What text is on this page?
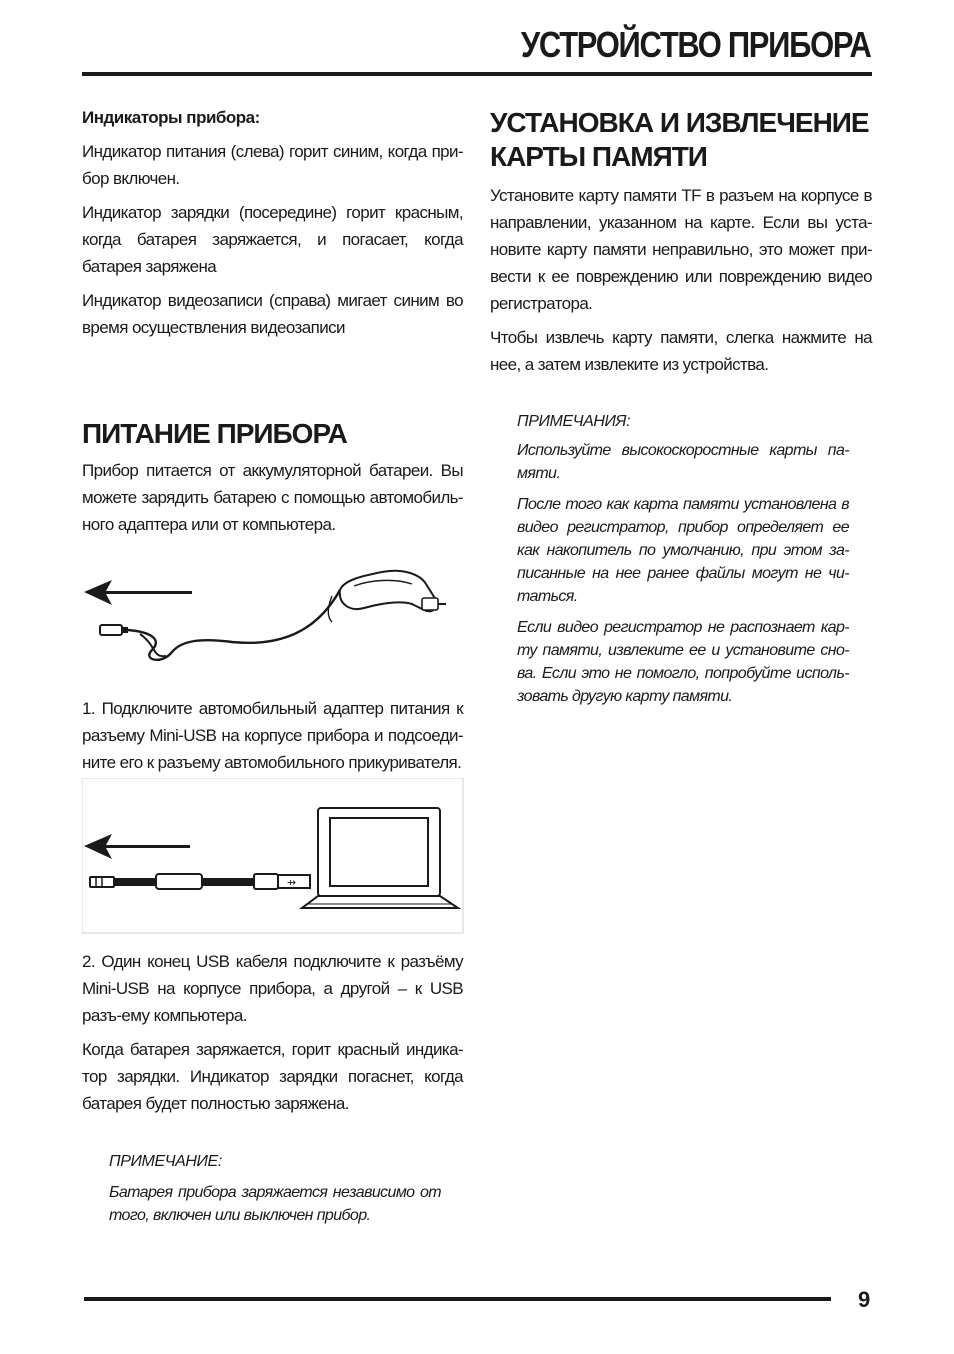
УСТРОЙСТВО ПРИБОРА

Индикаторы прибора:

Индикатор питания (слева) горит синим, когда при-бор включен.

Индикатор зарядки (посередине) горит красным, когда батарея заряжается, и погасает, когда батарея заряжена

Индикатор видеозаписи (справа) мигает синим во время осуществления видеозаписи

УСТАНОВКА И ИЗВЛЕЧЕНИЕ
КАРТЫ ПАМЯТИ

Установите карту памяти TF в разъем на корпусе в направлении, указанном на карте. Если вы уста-новите карту памяти неправильно, это может при-вести к ее повреждению или повреждению видео регистратора.

Чтобы извлечь карту памяти, слегка нажмите на нее, а затем извлеките из устройства.

ПРИМЕЧАНИЯ:

Используйте высокоскоростные карты па-мяти.

После того как карта памяти установлена в видео регистратор, прибор определяет ее как накопитель по умолчанию, при этом за-писанные на нее ранее файлы могут не чи-таться.

Если видео регистратор не распознает кар-ту памяти, извлеките ее и установите сно-ва. Если это не помогло, попробуйте исполь-зовать другую карту памяти.

ПИТАНИЕ ПРИБОРА

Прибор питается от аккумуляторной батареи. Вы можете зарядить батарею с помощью автомобиль-ного адаптера или от компьютера.

1. Подключите автомобильный адаптер питания к разъему Mini-USB на корпусе прибора и подсоеди-ните его к разъему автомобильного прикуривателя.

⇸

2. Один конец USB кабеля подключите к разъёму Mini-USB на корпусе прибора, а другой – к USB разъ-ему компьютера.

Когда батарея заряжается, горит красный индика-тор зарядки. Индикатор зарядки погаснет, когда батарея будет полностью заряжена.

ПРИМЕЧАНИЕ:

Батарея прибора заряжается независимо от того, включен или выключен прибор.

9
